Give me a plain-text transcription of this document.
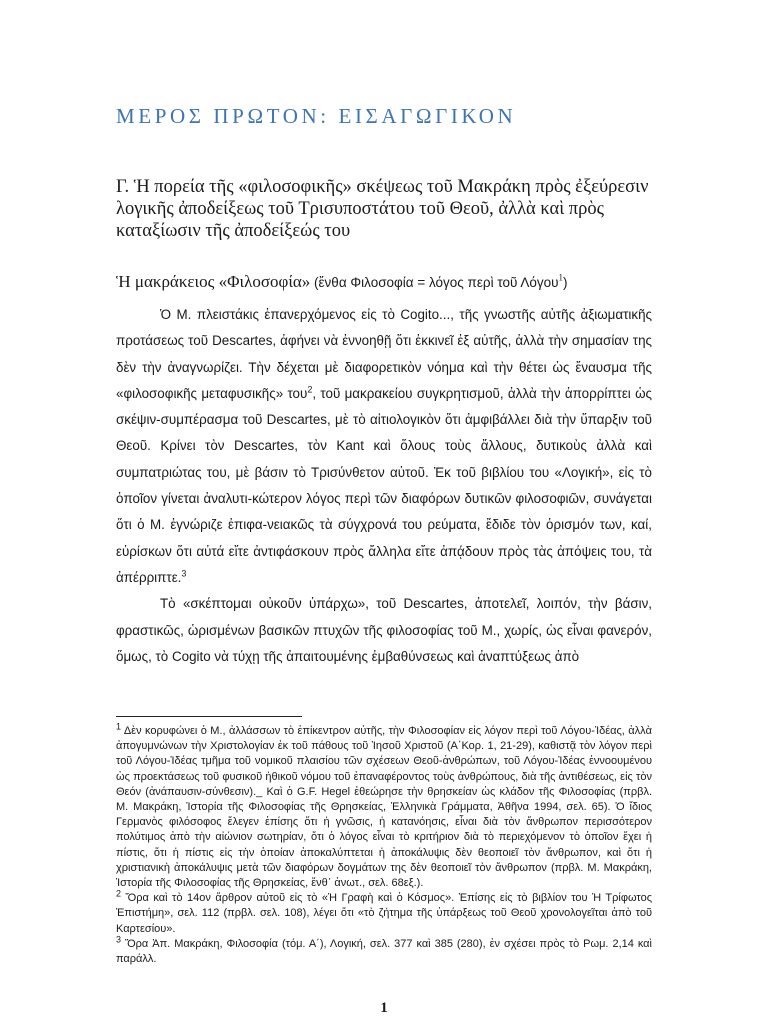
ΜΕΡΟΣ ΠΡΩΤΟΝ: ΕΙΣΑΓΩΓΙΚΟΝ
Γ. Ἡ πορεία τῆς «φιλοσοφικῆς» σκέψεως τοῦ Μακράκη πρὸς ἐξεύρεσιν λογικῆς ἀποδείξεως τοῦ Τρισυποστάτου τοῦ Θεοῦ, ἀλλὰ καὶ πρὸς καταξίωσιν τῆς ἀποδείξεώς του
Ἡ μακράκειος «Φιλοσοφία» (ἔνθα Φιλοσοφία = λόγος περὶ τοῦ Λόγου$^1$)

Ὁ Μ. πλειστάκις ἐπανερχόμενος εἰς τὸ Cogito..., τῆς γνωστῆς αὐτῆς ἀξιωματικῆς προτάσεως τοῦ Descartes, ἀφήνει νὰ ἐννοηθῇ ὅτι ἐκκινεῖ ἐξ αὐτῆς, ἀλλὰ τὴν σημασίαν της δὲν τὴν ἀναγνωρίζει. Τὴν δέχεται μὲ διαφορετικὸν νόημα καὶ τὴν θέτει ὡς ἔναυσμα τῆς «φιλοσοφικῆς μεταφυσικῆς» του$^2$, τοῦ μακρακείου συγκρητισμοῦ, ἀλλὰ τὴν ἀπορρίπτει ὡς σκέψιν-συμπέρασμα τοῦ Descartes, μὲ τὸ αἰτιολογικὸν ὅτι ἀμφιβάλλει διὰ τὴν ὕπαρξιν τοῦ Θεοῦ. Κρίνει τὸν Descartes, τὸν Kant καὶ ὅλους τοὺς ἄλλους, δυτικοὺς ἀλλὰ καὶ συμπατριώτας του, μὲ βάσιν τὸ Τρισύνθετον αὐτοῦ. Ἐκ τοῦ βιβλίου του «Λογική», εἰς τὸ ὁποῖον γίνεται ἀναλυτι-κώτερον λόγος περὶ τῶν διαφόρων δυτικῶν φιλοσοφιῶν, συνάγεται ὅτι ὁ Μ. ἐγνώριζε ἐπιφα-νειακῶς τὰ σύγχρονά του ρεύματα, ἔδιδε τὸν ὁρισμόν των, καί, εὑρίσκων ὅτι αὐτά εἴτε ἀντιφάσκουν πρὸς ἄλληλα εἴτε ἀπᾴδουν πρὸς τὰς ἀπόψεις του, τὰ ἀπέρριπτε.$^3$

Τὸ «σκέπτομαι οὐκοῦν ὑπάρχω», τοῦ Descartes, ἀποτελεῖ, λοιπόν, τὴν βάσιν, φραστικῶς, ὡρισμένων βασικῶν πτυχῶν τῆς φιλοσοφίας τοῦ Μ., χωρίς, ὡς εἶναι φανερόν, ὅμως, τὸ Cogito νὰ τύχῃ τῆς ἀπαιτουμένης ἐμβαθύνσεως καὶ ἀναπτύξεως ἀπὸ

$^1$ Δὲν κορυφώνει ὁ Μ., ἀλλάσσων τὸ ἐπίκεντρον αὐτῆς, τὴν Φιλοσοφίαν εἰς λόγον περὶ τοῦ Λόγου-Ἰδέας, ἀλλὰ ἀπογυμνώνων τὴν Χριστολογίαν ἐκ τοῦ πάθους τοῦ Ἰησοῦ Χριστοῦ (Α΄Κορ. 1, 21-29), καθιστᾷ τὸν λόγον περὶ τοῦ Λόγου-Ἰδέας τμῆμα τοῦ νομικοῦ πλαισίου τῶν σχέσεων Θεοῦ-ἀνθρώπων, τοῦ Λόγου-Ἰδέας ἐννοουμένου ὡς προεκτάσεως τοῦ φυσικοῦ ἠθικοῦ νόμου τοῦ ἐπαναφέροντος τοὺς ἀνθρώπους, διὰ τῆς ἀντιθέσεως, εἰς τὸν Θεόν (ἀνάπαυσιν-σύνθεσιν)._ Καὶ ὁ G.F. Hegel ἐθεώρησε τὴν θρησκείαν ὡς κλάδον τῆς Φιλοσοφίας (πρβλ. Μ. Μακράκη, Ἱστορία τῆς Φιλοσοφίας τῆς Θρησκείας, Ἑλληνικὰ Γράμματα, Ἀθῆνα 1994, σελ. 65). Ὁ ἴδιος Γερμανὸς φιλόσοφος ἔλεγεν ἐπίσης ὅτι ἡ γνῶσις, ἡ κατανόησις, εἶναι διὰ τὸν ἄνθρωπον περισσότερον πολύτιμος ἀπὸ τὴν αἰώνιον σωτηρίαν, ὅτι ὁ λόγος εἶναι τὸ κριτήριον διὰ τὸ περιεχόμενον τὸ ὁποῖον ἔχει ἡ πίστις, ὅτι ἡ πίστις εἰς τὴν ὁποίαν ἀποκαλύπτεται ἡ ἀποκάλυψις δὲν θεοποιεῖ τὸν ἄνθρωπον, καὶ ὅτι ἡ χριστιανικὴ ἀποκάλυψις μετὰ τῶν διαφόρων δογμάτων της δὲν θεοποιεῖ τὸν ἄνθρωπον (πρβλ. Μ. Μακράκη, Ἱστορία τῆς Φιλοσοφίας τῆς Θρησκείας, ἔνθ᾽ ἀνωτ., σελ. 68εξ.).

$^2$ Ὅρα καὶ τὸ 14ον ἄρθρον αὐτοῦ εἰς τὸ «Ἡ Γραφὴ καὶ ὁ Κόσμος». Ἐπίσης εἰς τὸ βιβλίον του Ἡ Τρίφωτος Ἐπιστήμη», σελ. 112 (πρβλ. σελ. 108), λέγει ὅτι «τὸ ζήτημα τῆς ὑπάρξεως τοῦ Θεοῦ χρονολογεῖται ἀπὸ τοῦ Καρτεσίου».

$^3$ Ὅρα Ἀπ. Μακράκη, Φιλοσοφία (τόμ. Α΄), Λογική, σελ. 377 καὶ 385 (280), ἐν σχέσει πρὸς τὸ Ρωμ. 2,14 καὶ παράλλ.

1
